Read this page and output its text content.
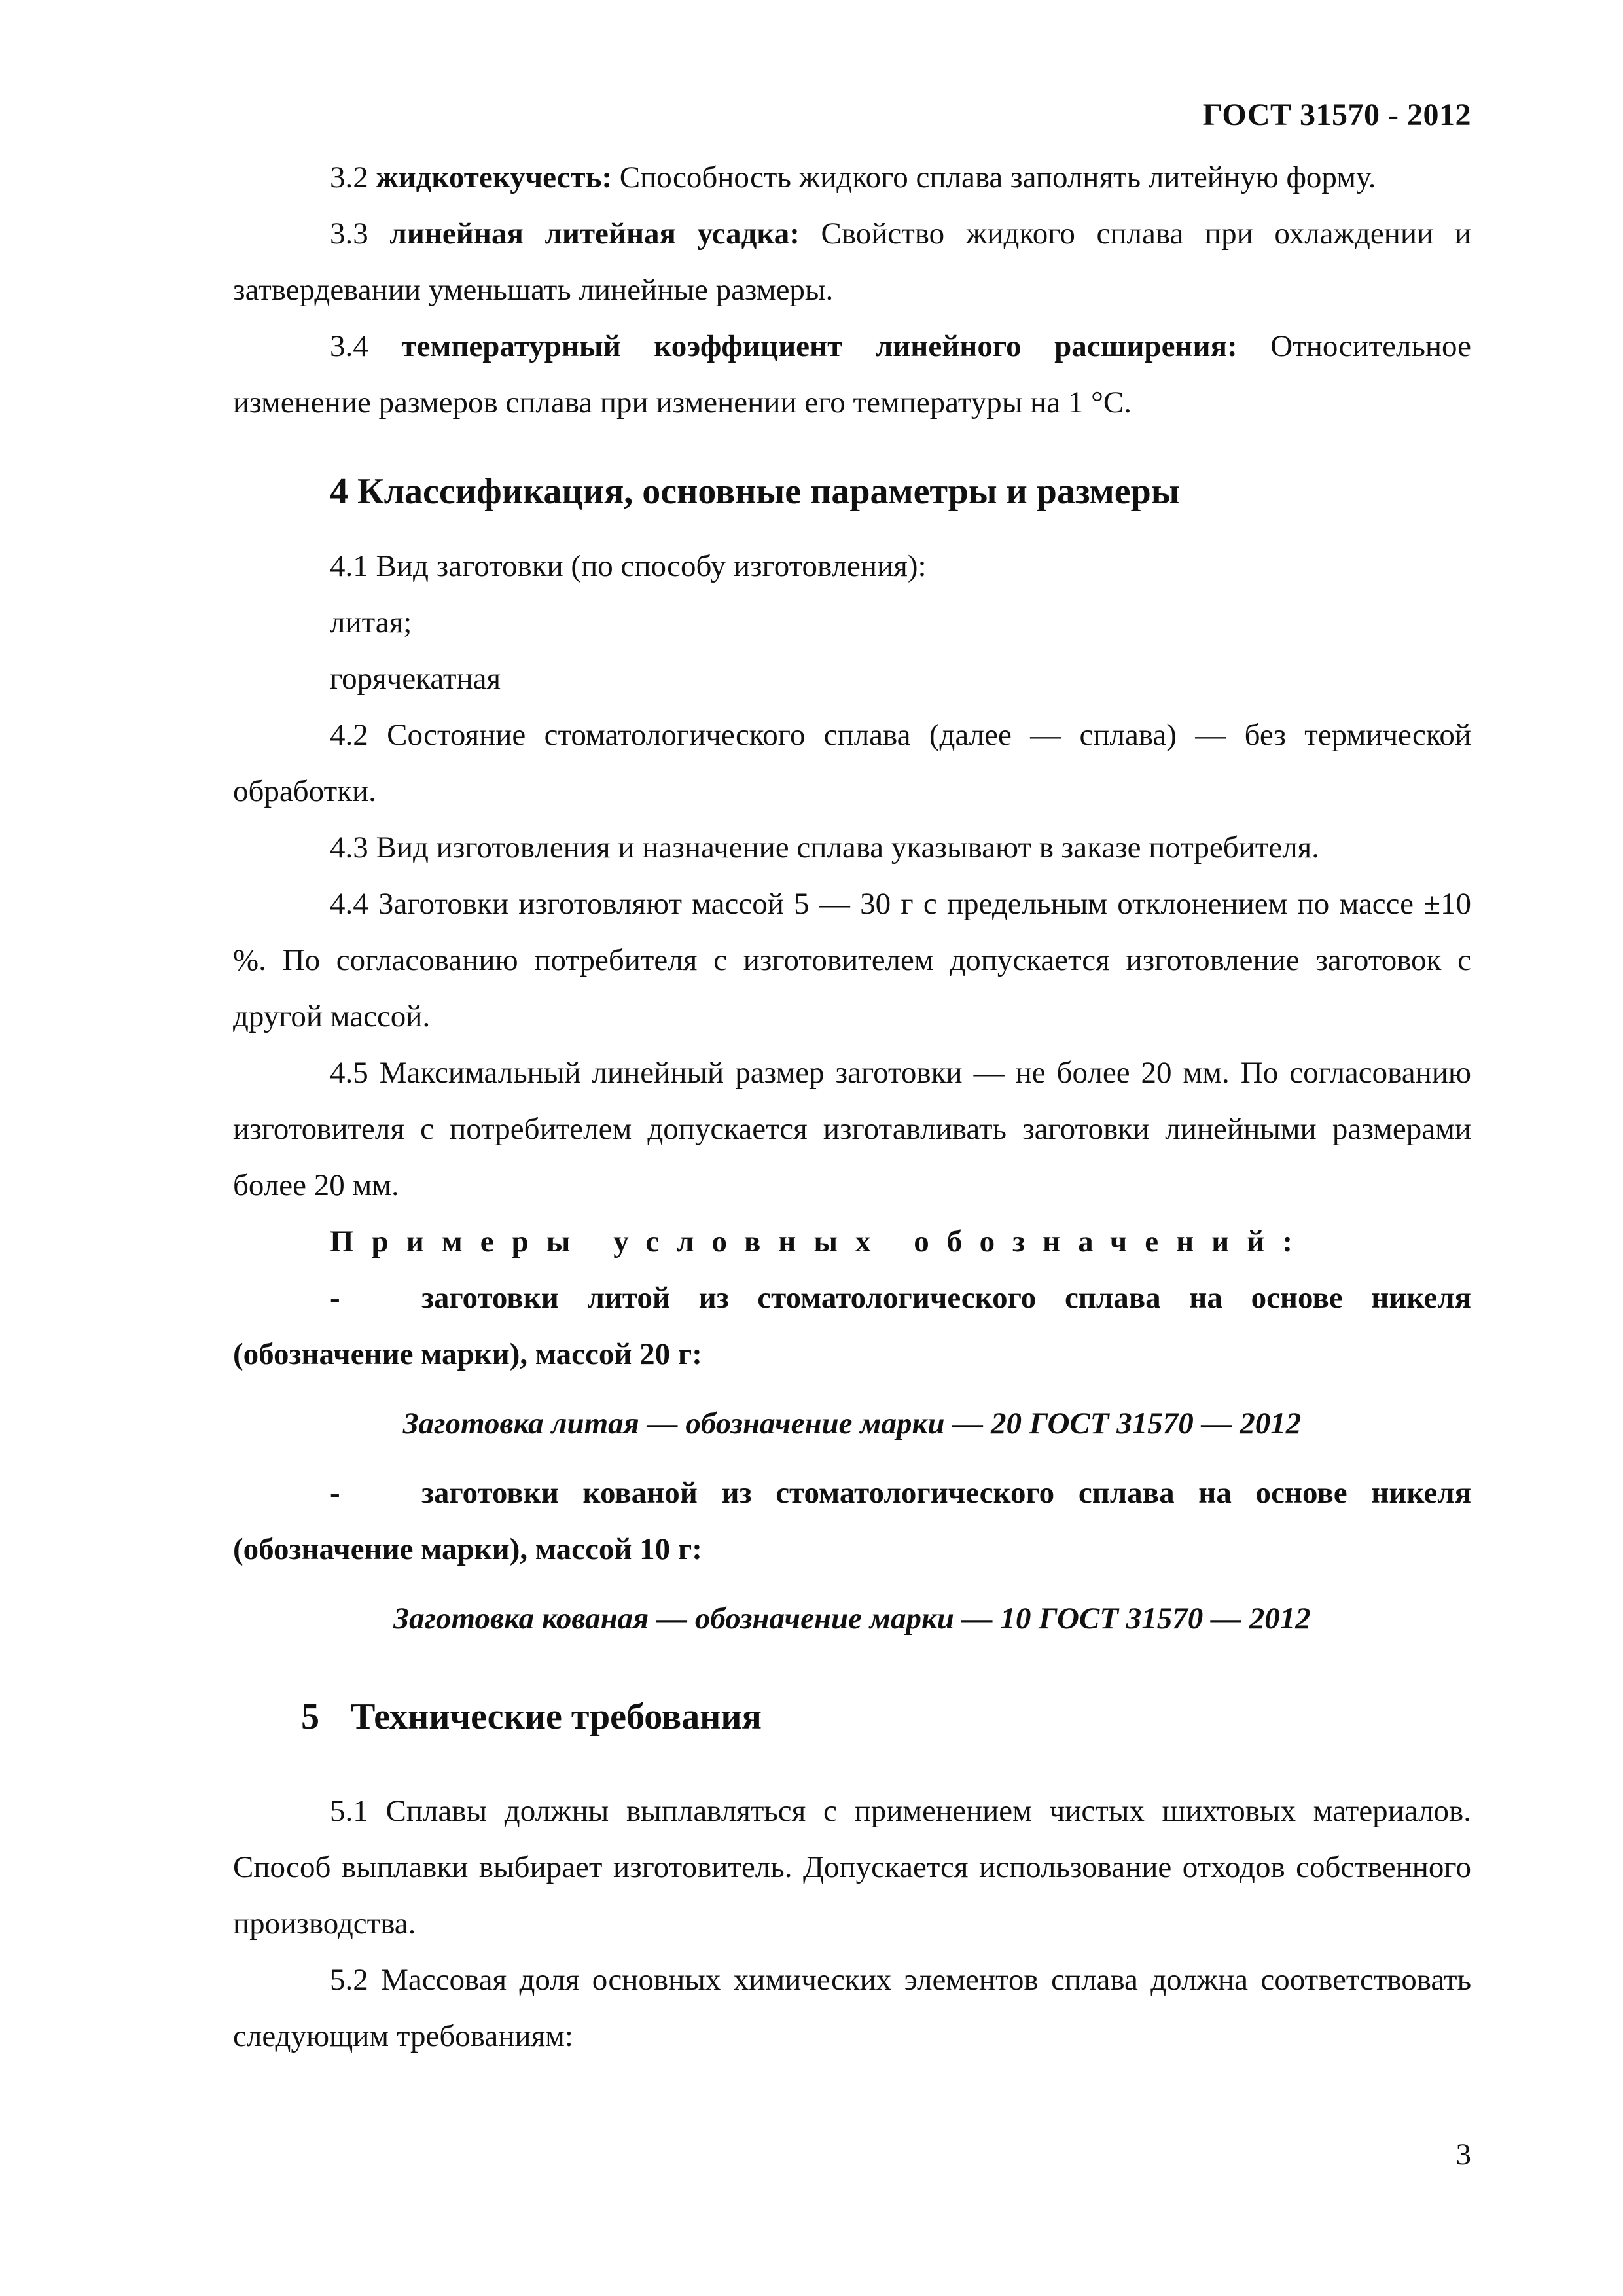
ГОСТ 31570 - 2012

3.2 жидкотекучесть: Способность жидкого сплава заполнять литейную форму.

3.3 линейная литейная усадка: Свойство жидкого сплава при охлаждении и затвердевании уменьшать линейные размеры.

3.4 температурный коэффициент линейного расширения: Относительное изменение размеров сплава при изменении его температуры на 1 °С.

4 Классификация, основные параметры и размеры

4.1 Вид заготовки (по способу изготовления):

литая;

горячекатная

4.2 Состояние стоматологического сплава (далее — сплава) — без термической обработки.

4.3 Вид изготовления и назначение сплава указывают в заказе потребителя.

4.4 Заготовки изготовляют массой 5 — 30 г с предельным отклонением по массе ±10 %. По согласованию потребителя с изготовителем допускается изготовление заготовок с другой массой.

4.5 Максимальный линейный размер заготовки — не более 20 мм. По согласованию изготовителя с потребителем допускается изготавливать заготовки линейными размерами более 20 мм.

Примеры условных обозначений:

-	заготовки литой из стоматологического сплава на основе никеля (обозначение марки), массой 20 г:

Заготовка литая — обозначение марки — 20 ГОСТ 31570 — 2012

-	заготовки кованой из стоматологического сплава на основе никеля (обозначение марки), массой 10 г:

Заготовка кованая — обозначение марки — 10 ГОСТ 31570 — 2012

5 Технические требования

5.1 Сплавы должны выплавляться с применением чистых шихтовых материалов. Способ выплавки выбирает изготовитель. Допускается использование отходов собственного производства.

5.2 Массовая доля основных химических элементов сплава должна соответствовать следующим требованиям:

3
